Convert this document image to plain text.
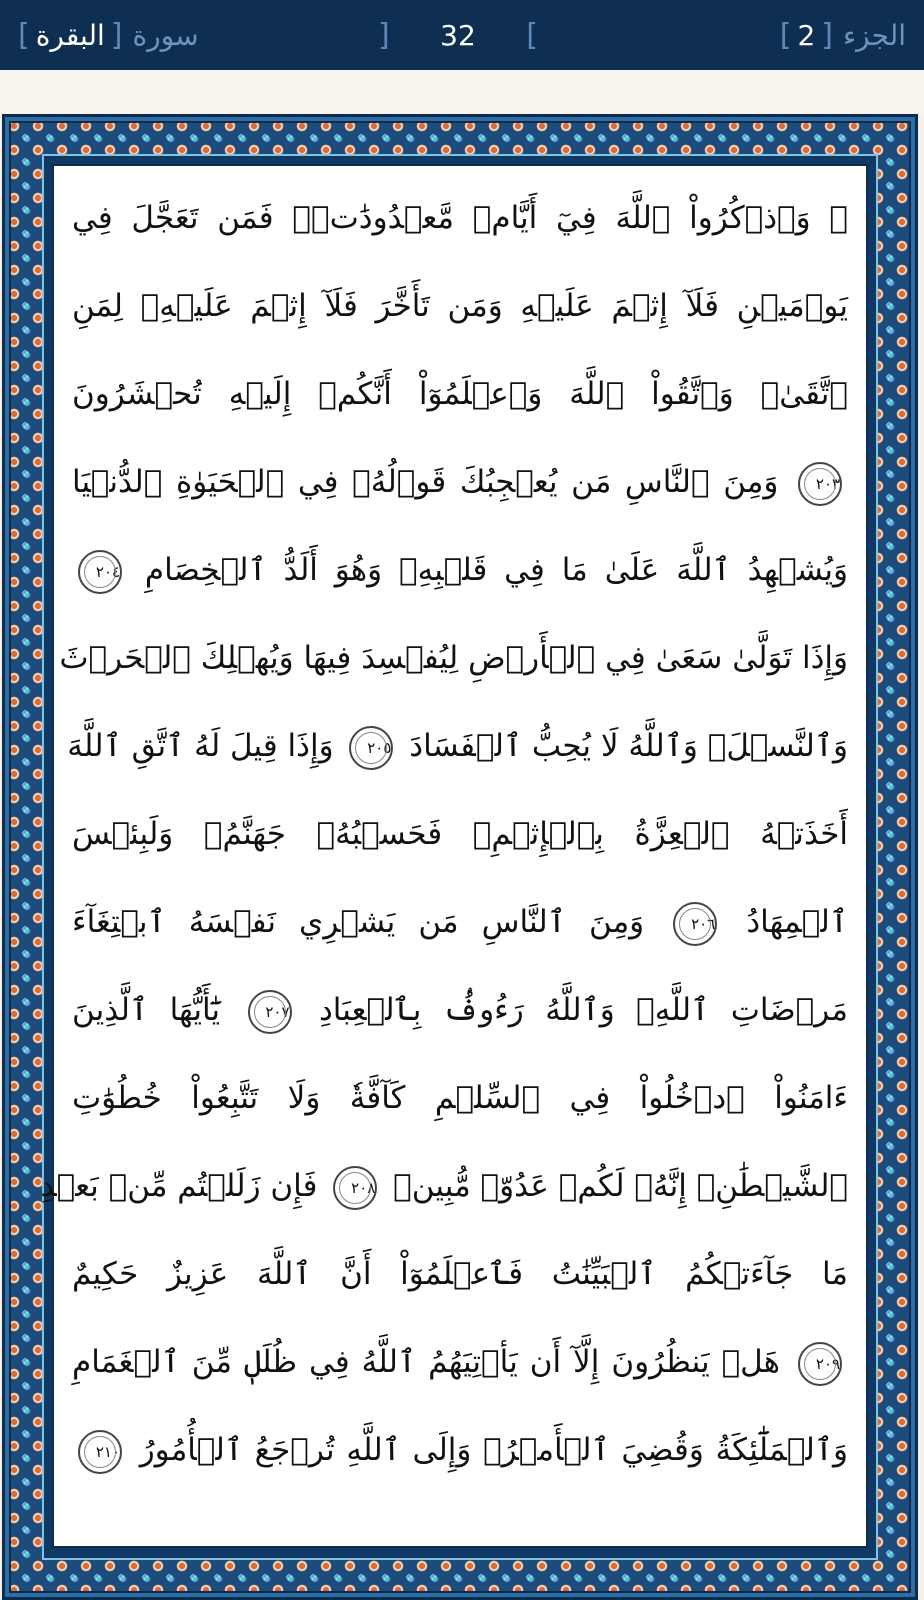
[ البقرة ] سورة	] 32 [	[ 2 ] الجزء
۞ وَٱذۡكُرُواْ ٱللَّهَ فِيٓ أَيَّامٖ مَّعۡدُودَٰتٖۚ فَمَن تَعَجَّلَ فِي
يَوۡمَيۡنِ فَلَآ إِثۡمَ عَلَيۡهِ وَمَن تَأَخَّرَ فَلَآ إِثۡمَ عَلَيۡهِۖ لِمَنِ
ٱتَّقَىٰۗ وَٱتَّقُواْ ٱللَّهَ وَٱعۡلَمُوٓاْ أَنَّكُمۡ إِلَيۡهِ تُحۡشَرُونَ
٢٠٣ وَمِنَ ٱلنَّاسِ مَن يُعۡجِبُكَ قَوۡلُهُۥ فِي ٱلۡحَيَوٰةِ ٱلدُّنۡيَا
وَيُشۡهِدُ ٱللَّهَ عَلَىٰ مَا فِي قَلۡبِهِۦ وَهُوَ أَلَدُّ ٱلۡخِصَامِ ٢٠٤
وَإِذَا تَوَلَّىٰ سَعَىٰ فِي ٱلۡأَرۡضِ لِيُفۡسِدَ فِيهَا وَيُهۡلِكَ ٱلۡحَرۡثَ
وَٱلنَّسۡلَۚ وَٱللَّهُ لَا يُحِبُّ ٱلۡفَسَادَ ٢٠٥ وَإِذَا قِيلَ لَهُ ٱتَّقِ ٱللَّهَ
أَخَذَتۡهُ ٱلۡعِزَّةُ بِٱلۡإِثۡمِۚ فَحَسۡبُهُۥ جَهَنَّمُۖ وَلَبِئۡسَ
ٱلۡمِهَادُ ٢٠٦ وَمِنَ ٱلنَّاسِ مَن يَشۡرِي نَفۡسَهُ ٱبۡتِغَآءَ
مَرۡضَاتِ ٱللَّهِۚ وَٱللَّهُ رَءُوفُۢ بِٱلۡعِبَادِ ٢٠٧ يَٰٓأَيُّهَا ٱلَّذِينَ
ءَامَنُواْ ٱدۡخُلُواْ فِي ٱلسِّلۡمِ كَآفَّةٗ وَلَا تَتَّبِعُواْ خُطُوَٰتِ
ٱلشَّيۡطَٰنِۚ إِنَّهُۥ لَكُمۡ عَدُوّٞ مُّبِينٞ ٢٠٨ فَإِن زَلَلۡتُم مِّنۢ بَعۡدِ
مَا جَآءَتۡكُمُ ٱلۡبَيِّنَٰتُ فَٱعۡلَمُوٓاْ أَنَّ ٱللَّهَ عَزِيزٌ حَكِيمٌ
٢٠٩ هَلۡ يَنظُرُونَ إِلَّآ أَن يَأۡتِيَهُمُ ٱللَّهُ فِي ظُلَلٖ مِّنَ ٱلۡغَمَامِ
وَٱلۡمَلَٰٓئِكَةُ وَقُضِيَ ٱلۡأَمۡرُۚ وَإِلَى ٱللَّهِ تُرۡجَعُ ٱلۡأُمُورُ ٢١٠
